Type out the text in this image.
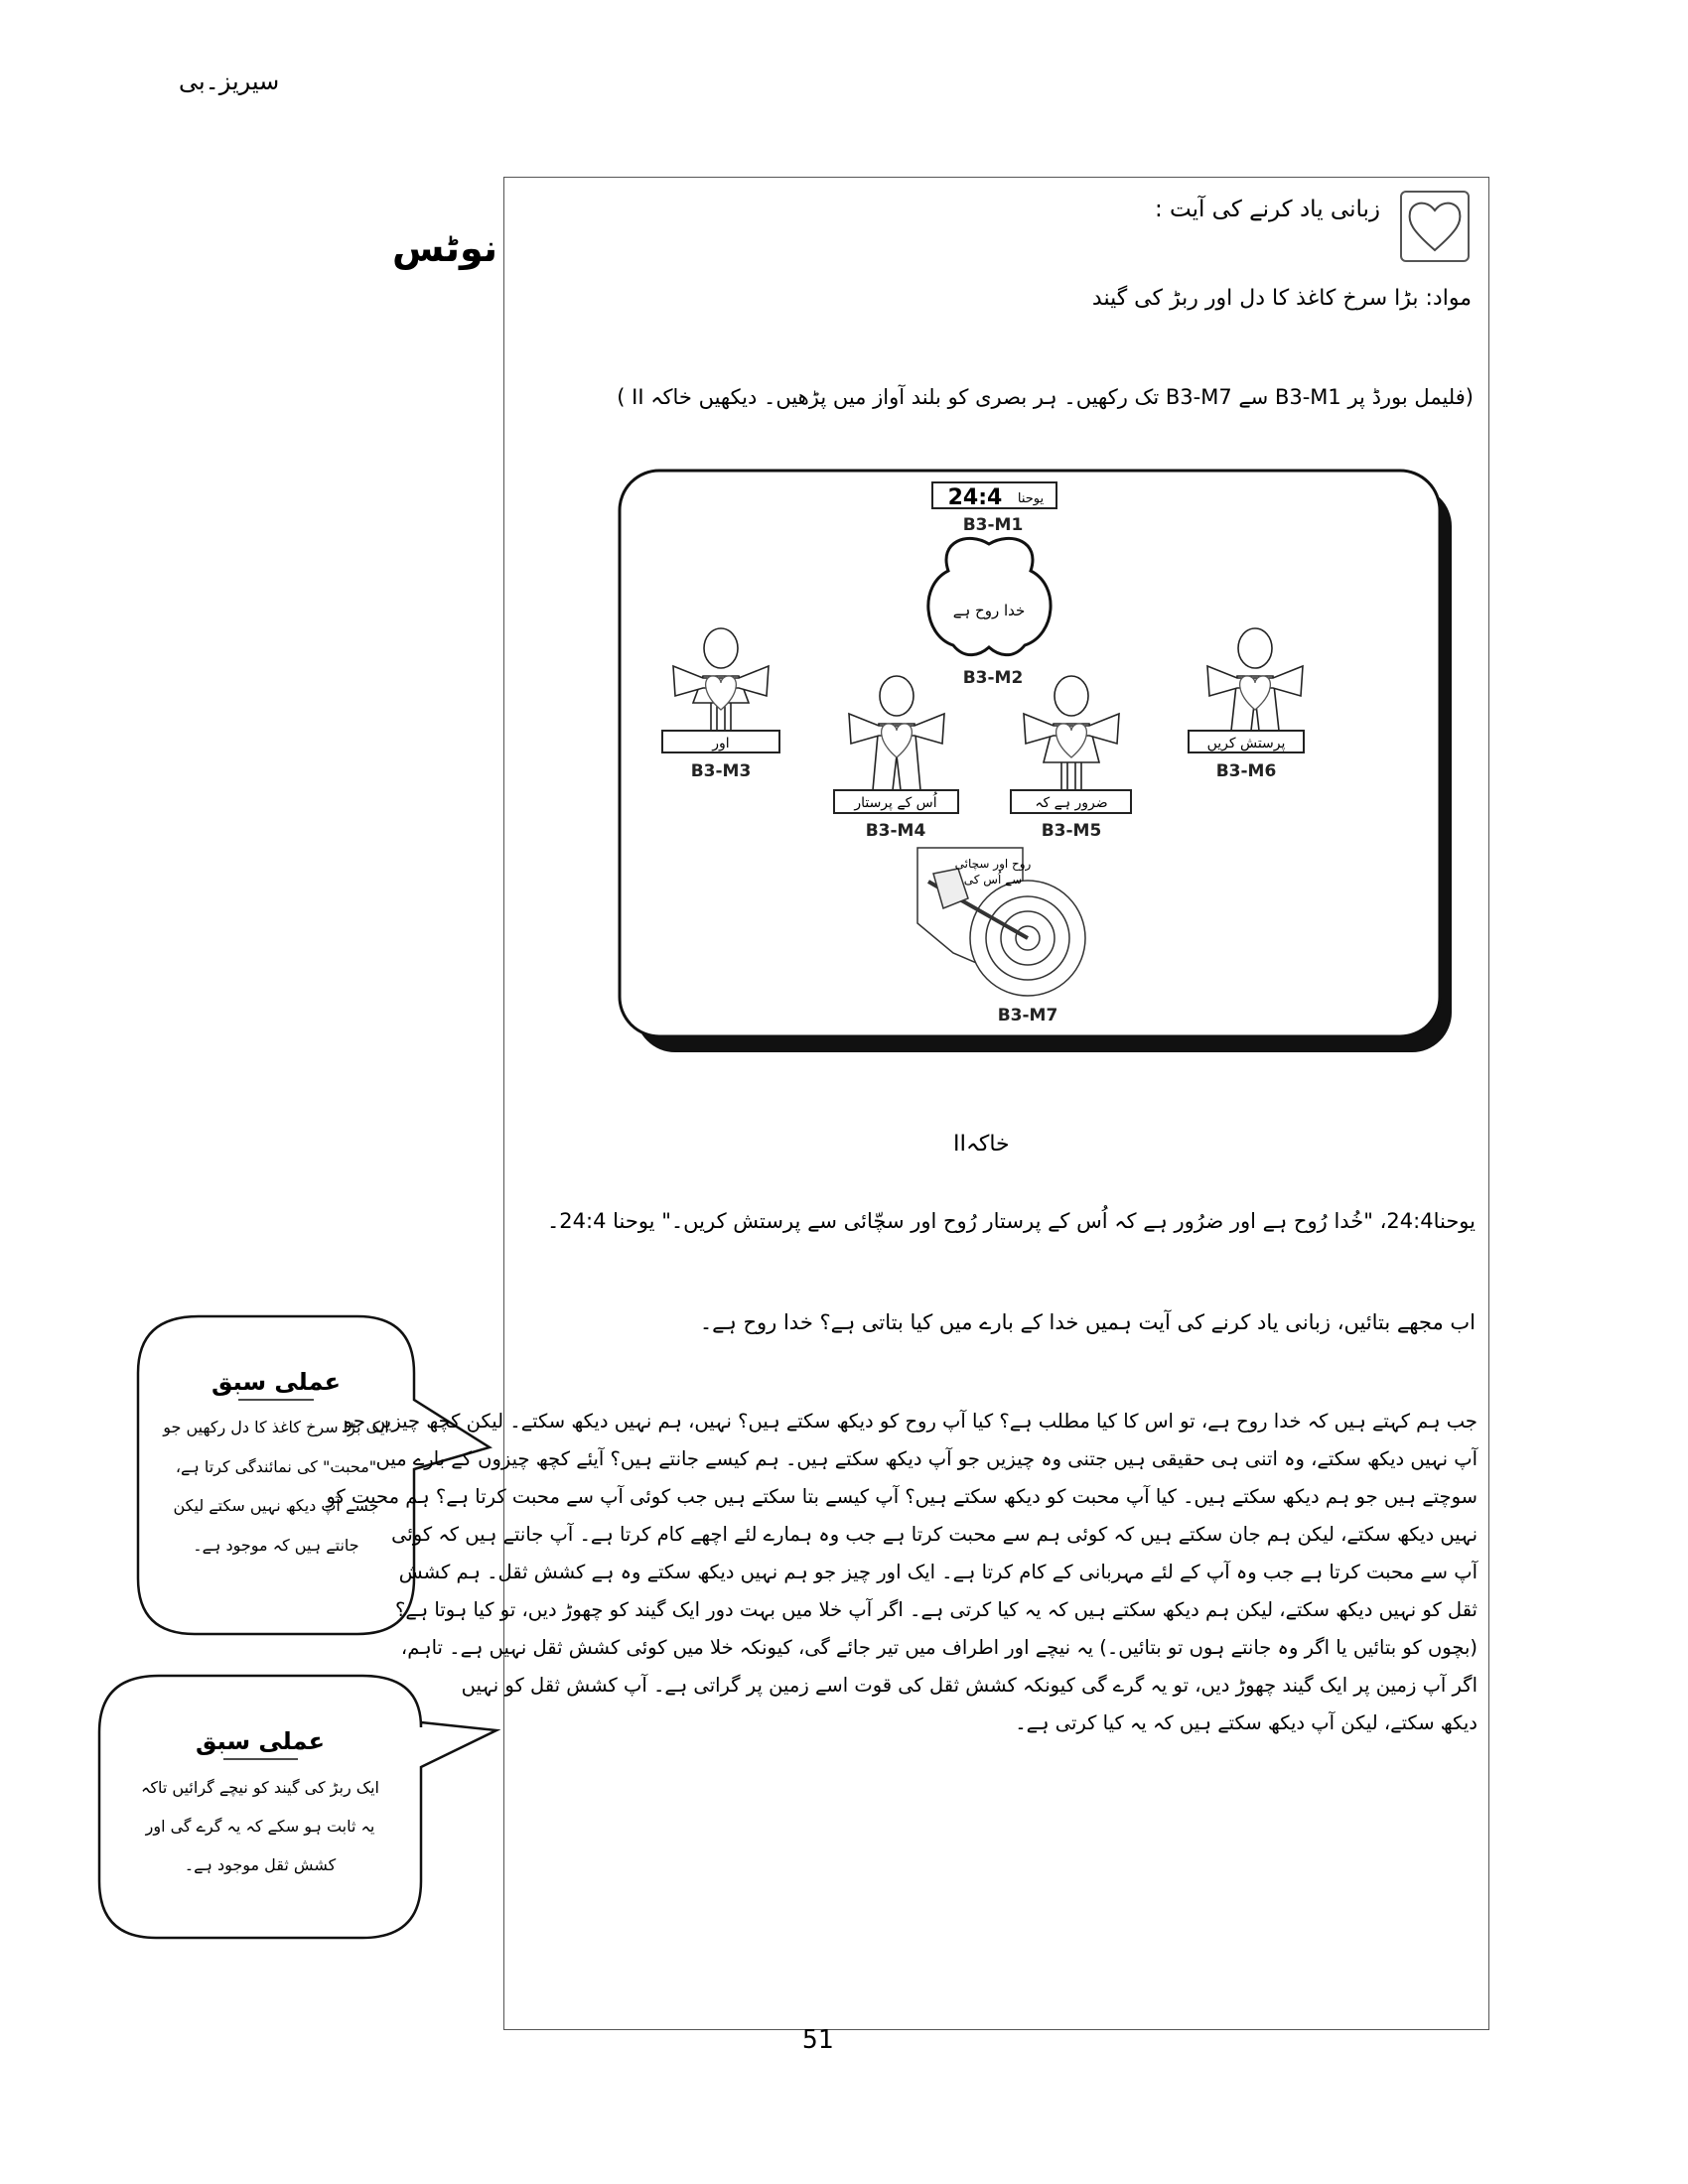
سیریز۔بی
نوٹس
زبانی یاد کرنے کی آیت :
مواد: بڑا سرخ کاغذ کا دل اور ربڑ کی گیند
(فلیمل بورڈ پر B3-M1 سے B3-M7 تک رکھیں۔ ہر بصری کو بلند آواز میں پڑھیں۔ دیکھیں خاکہ II )
24:4 یوحنا
B3-M1
خدا روح ہے
B3-M2
اور
B3-M3
اُس کے پرستار
B3-M4
ضرور ہے کہ
B3-M5
پرستش کریں
B3-M6
روح اور سچائی
سے اُس کی
B3-M7
عملی سبق
ایک بڑا سرخ کاغذ کا دل رکھیں جو
"محبت" کی نمائندگی کرتا ہے،
جسے آپ دیکھ نہیں سکتے لیکن
جانتے ہیں کہ موجود ہے۔
عملی سبق
ایک ربڑ کی گیند کو نیچے گرائیں تاکہ
یہ ثابت ہو سکے کہ یہ گرے گی اور
کشش ثقل موجود ہے۔
خاکہII
یوحنا24:4، "خُدا رُوح ہے اور ضرُور ہے کہ اُس کے پرستار رُوح اور سچّائی سے پرستش کریں۔" یوحنا 24:4۔
اب مجھے بتائیں، زبانی یاد کرنے کی آیت ہمیں خدا کے بارے میں کیا بتاتی ہے؟ خدا روح ہے۔
جب ہم کہتے ہیں کہ خدا روح ہے، تو اس کا کیا مطلب ہے؟ کیا آپ روح کو دیکھ سکتے ہیں؟ نہیں، ہم نہیں دیکھ سکتے۔ لیکن کچھ چیزیں جو
آپ نہیں دیکھ سکتے، وہ اتنی ہی حقیقی ہیں جتنی وہ چیزیں جو آپ دیکھ سکتے ہیں۔ ہم کیسے جانتے ہیں؟ آیئے کچھ چیزوں کے بارے میں
سوچتے ہیں جو ہم دیکھ سکتے ہیں۔ کیا آپ محبت کو دیکھ سکتے ہیں؟ آپ کیسے بتا سکتے ہیں جب کوئی آپ سے محبت کرتا ہے؟ ہم محبت کو
نہیں دیکھ سکتے، لیکن ہم جان سکتے ہیں کہ کوئی ہم سے محبت کرتا ہے جب وہ ہمارے لئے اچھے کام کرتا ہے۔ آپ جانتے ہیں کہ کوئی
آپ سے محبت کرتا ہے جب وہ آپ کے لئے مہربانی کے کام کرتا ہے۔ ایک اور چیز جو ہم نہیں دیکھ سکتے وہ ہے کشش ثقل۔ ہم کشش
ثقل کو نہیں دیکھ سکتے، لیکن ہم دیکھ سکتے ہیں کہ یہ کیا کرتی ہے۔ اگر آپ خلا میں بہت دور ایک گیند کو چھوڑ دیں، تو کیا ہوتا ہے؟
(بچوں کو بتائیں یا اگر وہ جانتے ہوں تو بتائیں۔) یہ نیچے اور اطراف میں تیر جائے گی، کیونکہ خلا میں کوئی کشش ثقل نہیں ہے۔ تاہم،
اگر آپ زمین پر ایک گیند چھوڑ دیں، تو یہ گرے گی کیونکہ کشش ثقل کی قوت اسے زمین پر گراتی ہے۔ آپ کشش ثقل کو نہیں
دیکھ سکتے، لیکن آپ دیکھ سکتے ہیں کہ یہ کیا کرتی ہے۔
51
